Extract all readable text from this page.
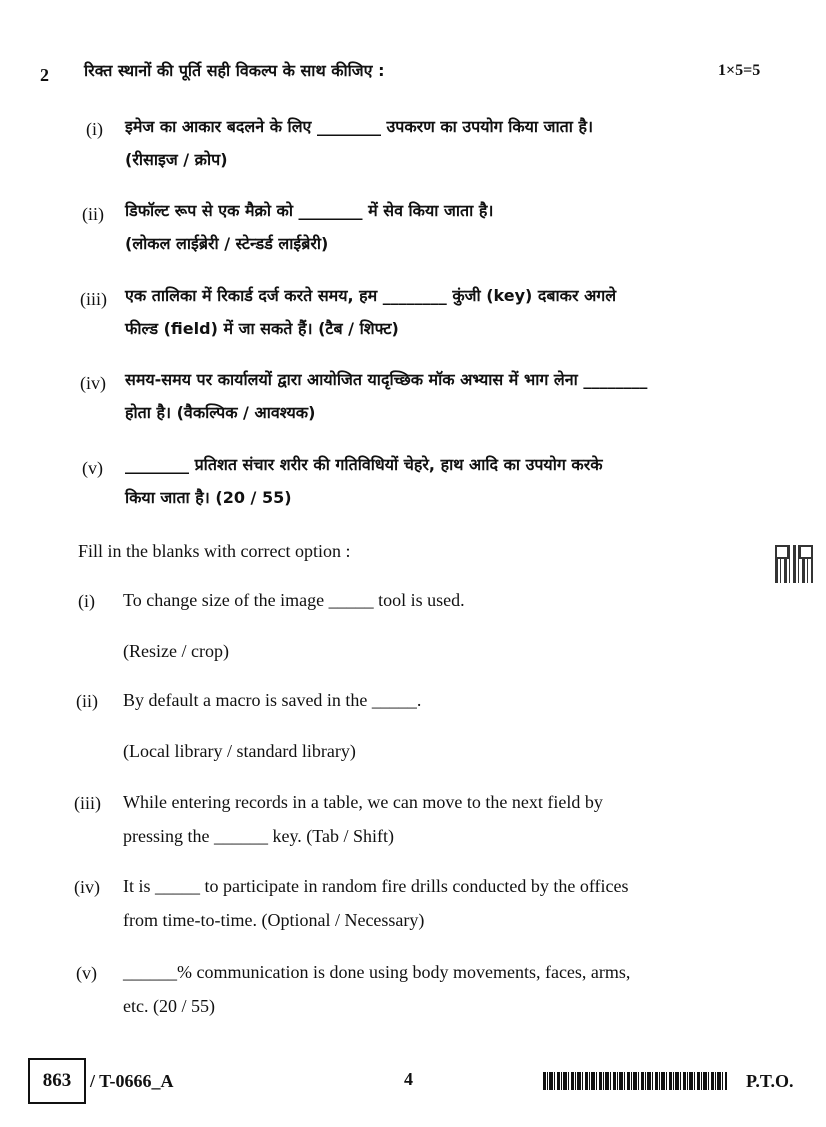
2 रिक्त स्थानों की पूर्ति सही विकल्प के साथ कीजिए :	1×5=5
(i) इमेज का आकार बदलने के लिए ________ उपकरण का उपयोग किया जाता है।
(रीसाइज / क्रोप)
(ii) डिफॉल्ट रूप से एक मैक्रो को ________ में सेव किया जाता है।
(लोकल लाईब्रेरी / स्टेन्डर्ड लाईब्रेरी)
(iii) एक तालिका में रिकार्ड दर्ज करते समय, हम ________ कुंजी (key) दबाकर अगले
फील्ड (field) में जा सकते हैं। (टैब / शिफ्ट)
(iv) समय-समय पर कार्यालयों द्वारा आयोजित यादृच्छिक मॉक अभ्यास में भाग लेना ________
होता है। (वैकल्पिक / आवश्यक)
(v) ________ प्रतिशत संचार शरीर की गतिविधियों चेहरे, हाथ आदि का उपयोग करके
किया जाता है। (20 / 55)
Fill in the blanks with correct option :
(i) To change size of the image _____ tool is used.
(Resize / crop)
(ii) By default a macro is saved in the _____.
(Local library / standard library)
(iii) While entering records in a table, we can move to the next field by
pressing the ______ key. (Tab / Shift)
(iv) It is _____ to participate in random fire drills conducted by the offices
from time-to-time. (Optional / Necessary)
(v) ______% communication is done using body movements, faces, arms,
etc. (20 / 55)
863	/ T-0666_A	4	P.T.O.
